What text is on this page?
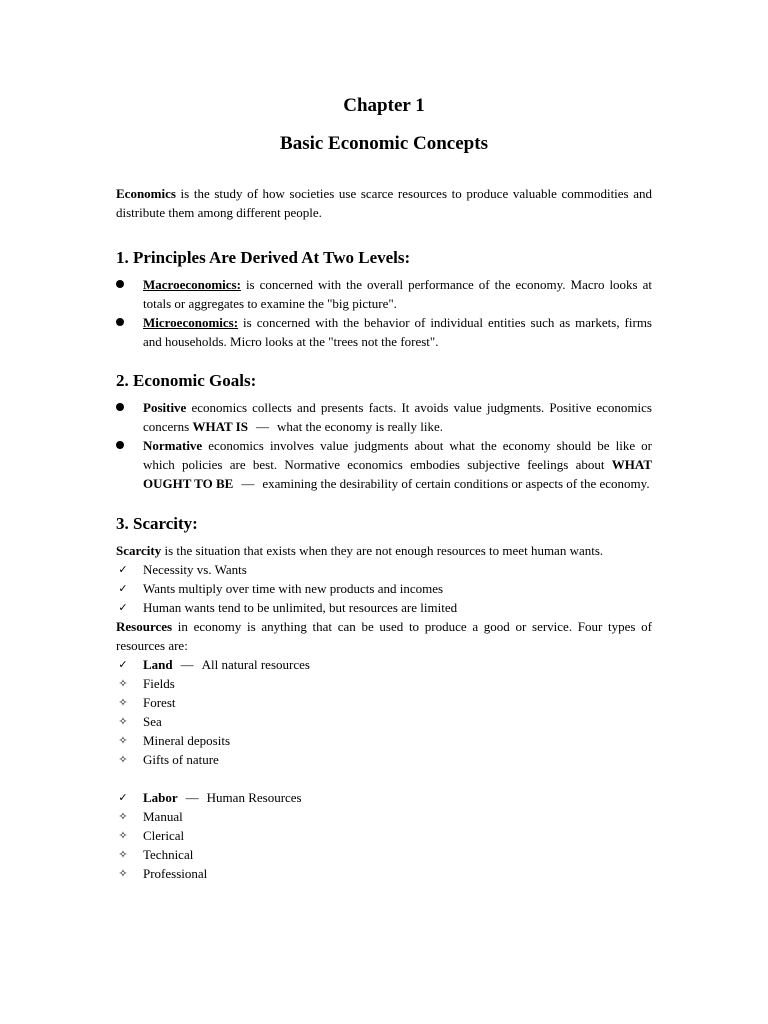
Chapter 1
Basic Economic Concepts

Economics is the study of how societies use scarce resources to produce valuable commodities and distribute them among different people.

1. Principles Are Derived At Two Levels:
Macroeconomics: is concerned with the overall performance of the economy. Macro looks at totals or aggregates to examine the "big picture".
Microeconomics: is concerned with the behavior of individual entities such as markets, firms and households. Micro looks at the "trees not the forest".
2. Economic Goals:
Positive economics collects and presents facts. It avoids value judgments. Positive economics concerns WHAT IS — what the economy is really like.
Normative economics involves value judgments about what the economy should be like or which policies are best. Normative economics embodies subjective feelings about WHAT OUGHT TO BE — examining the desirability of certain conditions or aspects of the economy.
3. Scarcity:

Scarcity is the situation that exists when they are not enough resources to meet human wants.

✓ Necessity vs. Wants
✓ Wants multiply over time with new products and incomes
✓ Human wants tend to be unlimited, but resources are limited

Resources in economy is anything that can be used to produce a good or service. Four types of resources are:

✓ Land — All natural resources
✧ Fields
✧ Forest
✧ Sea
✧ Mineral deposits
✧ Gifts of nature
✓ Labor — Human Resources
✧ Manual
✧ Clerical
✧ Technical
✧ Professional
